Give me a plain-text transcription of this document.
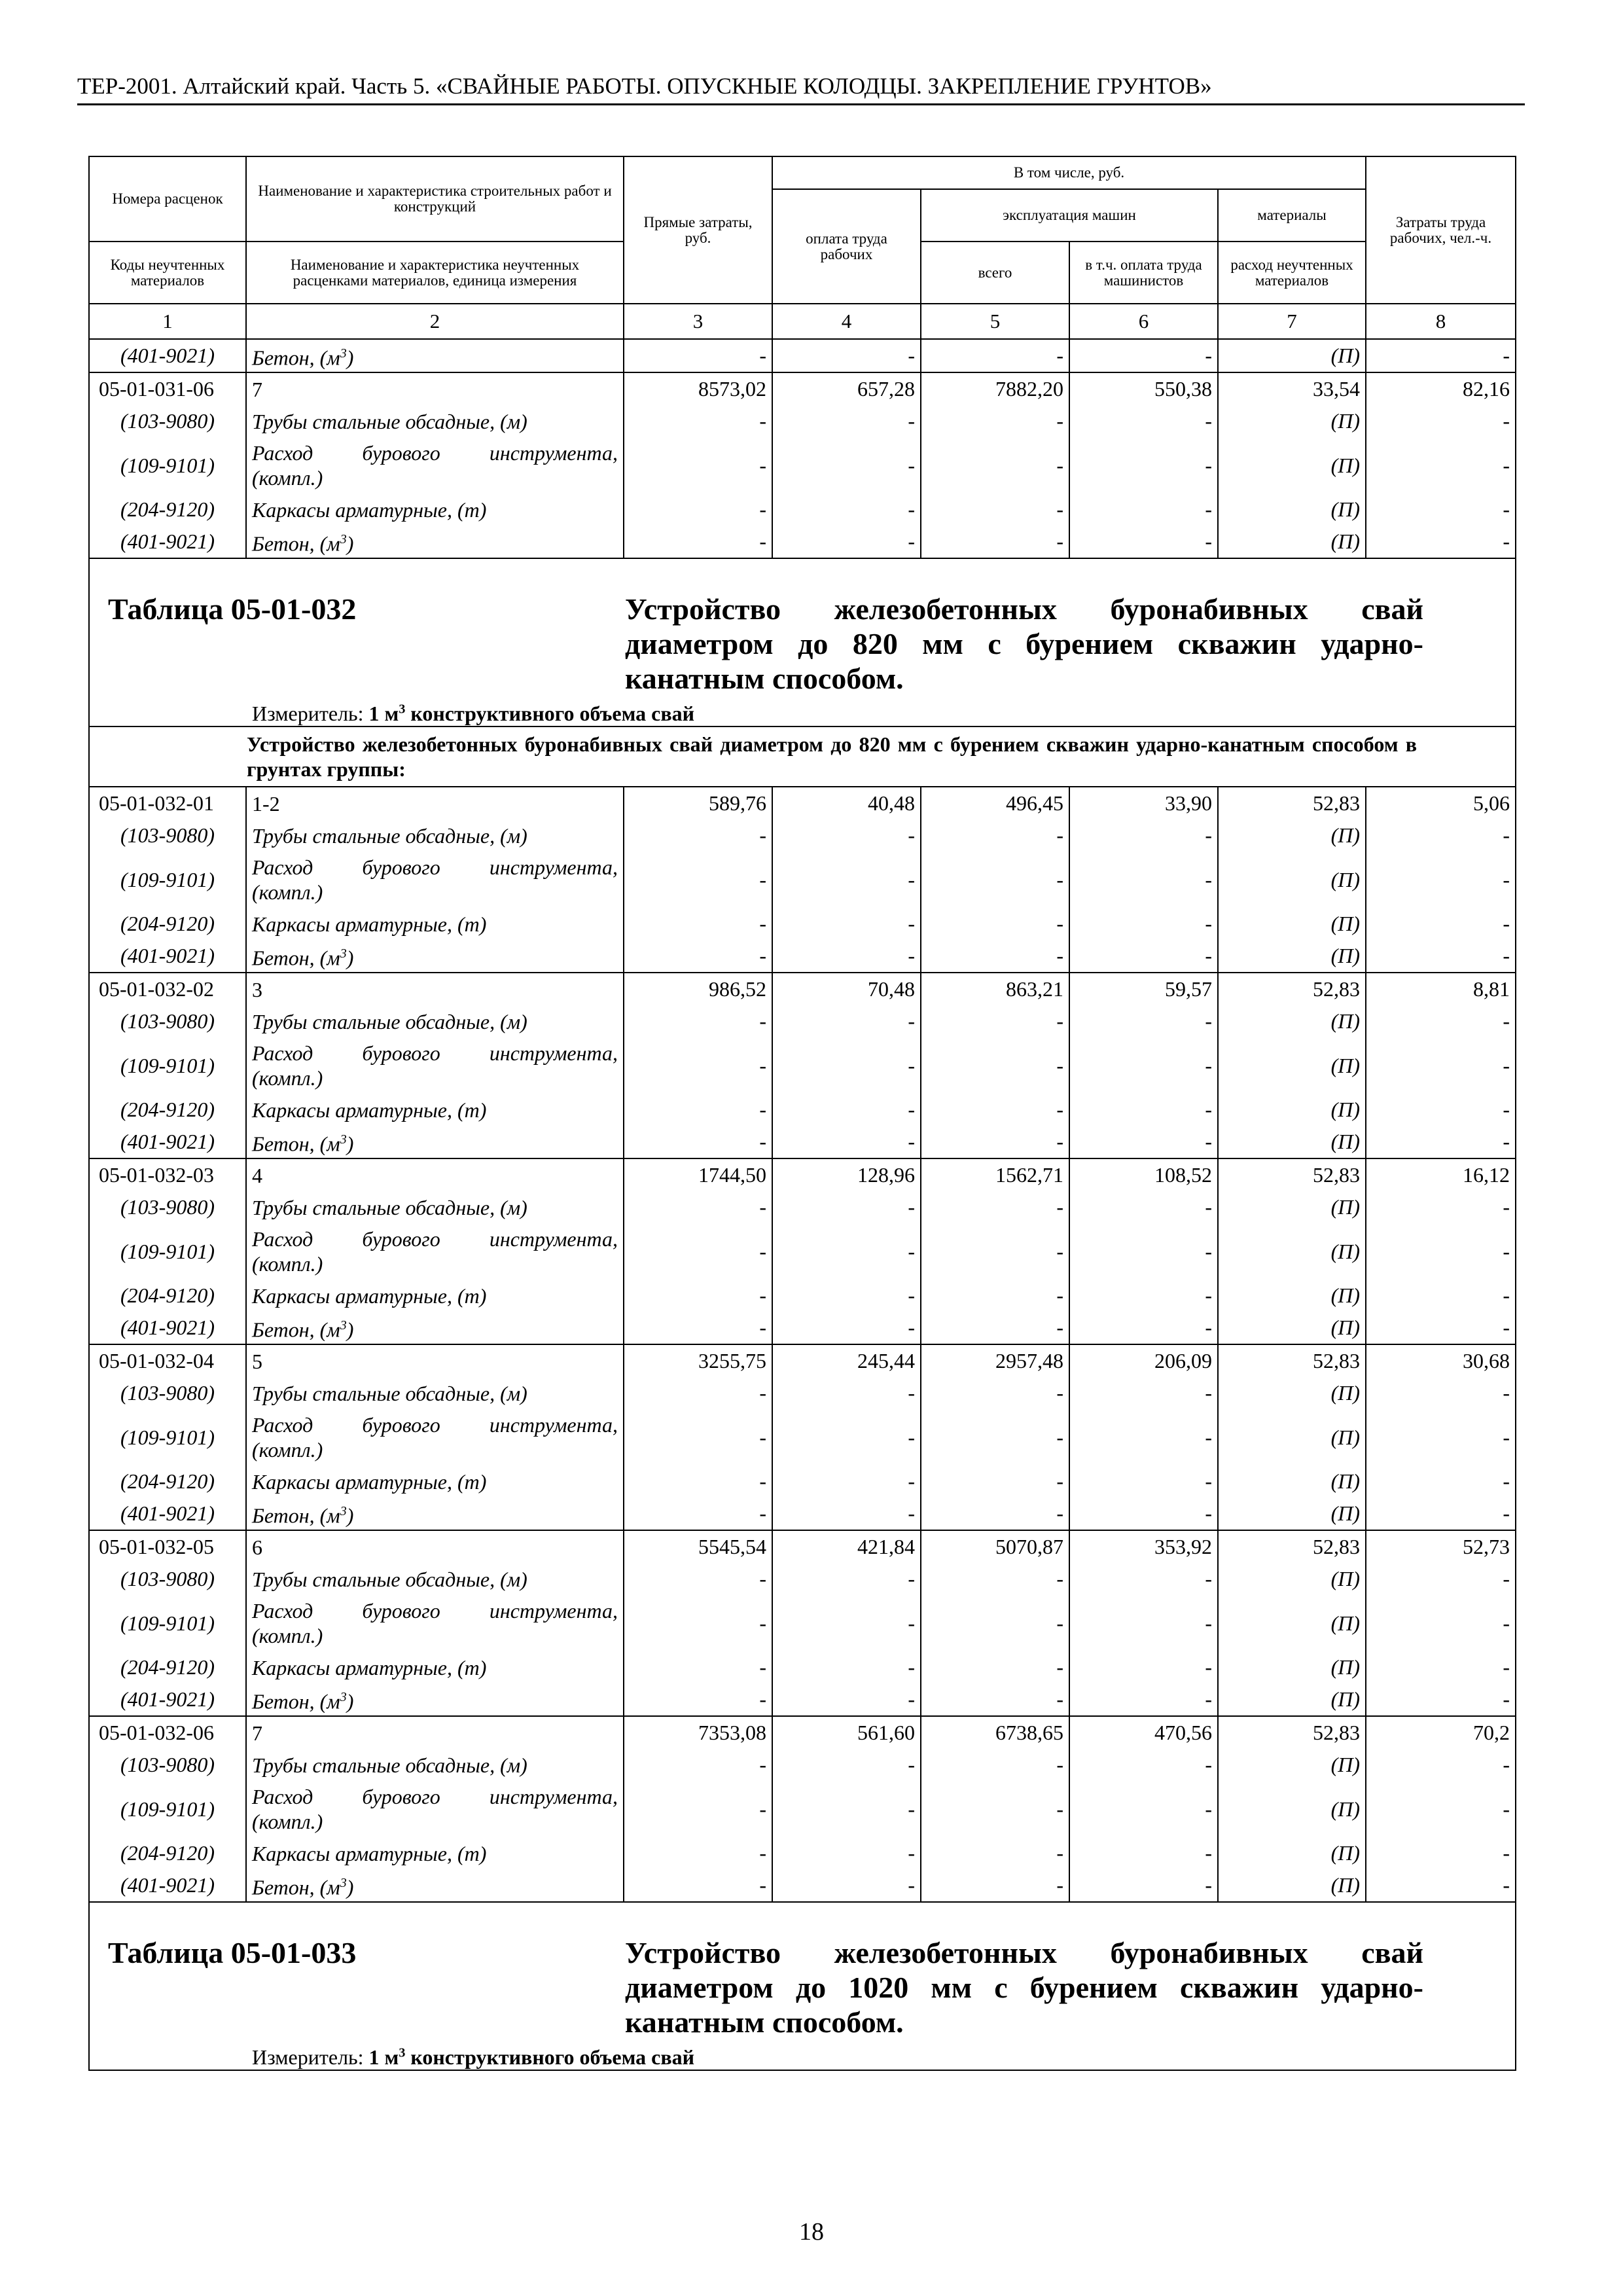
ТЕР-2001. Алтайский край. Часть 5. «СВАЙНЫЕ РАБОТЫ. ОПУСКНЫЕ КОЛОДЦЫ. ЗАКРЕПЛЕНИЕ ГРУНТОВ»
Номера расценок	Наименование и характеристика строительных работ и конструкций	Прямые затраты, руб.	В том числе, руб.				Затраты труда рабочих, чел.-ч.
			оплата труда рабочих	эксплуатация машин		материалы	
Коды неучтенных материалов	Наименование и характеристика неучтенных расценками материалов, единица измерения			всего	в т.ч. оплата труда машинистов	расход неучтенных материалов	
1	2	3	4	5	6	7	8
(401-9021)	Бетон, $(м^3)$	-	-	-	-	(П)	-
05-01-031-06	7	8573,02	657,28	7882,20	550,38	33,54	82,16
(103-9080)	Трубы стальные обсадные, (м)	-	-	-	-	(П)	-
(109-9101)	Расход бурового инструмента,
(компл.)	-	-	-	-	(П)	-
(204-9120)	Каркасы арматурные, (т)	-	-	-	-	(П)	-
(401-9021)	Бетон, $(м^3)$	-	-	-	-	(П)	-

Таблица 05-01-032 Устройство железобетонных буронабивных свай диаметром до 820 мм с бурением скважин ударно-канатным способом.
Измеритель: 1 $м^3$ конструктивного объема свай							

Устройство железобетонных буронабивных свай диаметром до 820 мм с бурением скважин ударно-канатным способом в грунтах группы:							
05-01-032-01	1-2	589,76	40,48	496,45	33,90	52,83	5,06
(103-9080)	Трубы стальные обсадные, (м)	-	-	-	-	(П)	-
(109-9101)	Расход бурового инструмента,
(компл.)	-	-	-	-	(П)	-
(204-9120)	Каркасы арматурные, (т)	-	-	-	-	(П)	-
(401-9021)	Бетон, $(м^3)$	-	-	-	-	(П)	-
05-01-032-02	3	986,52	70,48	863,21	59,57	52,83	8,81
(103-9080)	Трубы стальные обсадные, (м)	-	-	-	-	(П)	-
(109-9101)	Расход бурового инструмента,
(компл.)	-	-	-	-	(П)	-
(204-9120)	Каркасы арматурные, (т)	-	-	-	-	(П)	-
(401-9021)	Бетон, $(м^3)$	-	-	-	-	(П)	-
05-01-032-03	4	1744,50	128,96	1562,71	108,52	52,83	16,12
(103-9080)	Трубы стальные обсадные, (м)	-	-	-	-	(П)	-
(109-9101)	Расход бурового инструмента,
(компл.)	-	-	-	-	(П)	-
(204-9120)	Каркасы арматурные, (т)	-	-	-	-	(П)	-
(401-9021)	Бетон, $(м^3)$	-	-	-	-	(П)	-
05-01-032-04	5	3255,75	245,44	2957,48	206,09	52,83	30,68
(103-9080)	Трубы стальные обсадные, (м)	-	-	-	-	(П)	-
(109-9101)	Расход бурового инструмента,
(компл.)	-	-	-	-	(П)	-
(204-9120)	Каркасы арматурные, (т)	-	-	-	-	(П)	-
(401-9021)	Бетон, $(м^3)$	-	-	-	-	(П)	-
05-01-032-05	6	5545,54	421,84	5070,87	353,92	52,83	52,73
(103-9080)	Трубы стальные обсадные, (м)	-	-	-	-	(П)	-
(109-9101)	Расход бурового инструмента,
(компл.)	-	-	-	-	(П)	-
(204-9120)	Каркасы арматурные, (т)	-	-	-	-	(П)	-
(401-9021)	Бетон, $(м^3)$	-	-	-	-	(П)	-
05-01-032-06	7	7353,08	561,60	6738,65	470,56	52,83	70,2
(103-9080)	Трубы стальные обсадные, (м)	-	-	-	-	(П)	-
(109-9101)	Расход бурового инструмента,
(компл.)	-	-	-	-	(П)	-
(204-9120)	Каркасы арматурные, (т)	-	-	-	-	(П)	-
(401-9021)	Бетон, $(м^3)$	-	-	-	-	(П)	-

Таблица 05-01-033 Устройство железобетонных буронабивных свай диаметром до 1020 мм с бурением скважин ударно-канатным способом.
Измеритель: 1 $м^3$ конструктивного объема свай							
18
